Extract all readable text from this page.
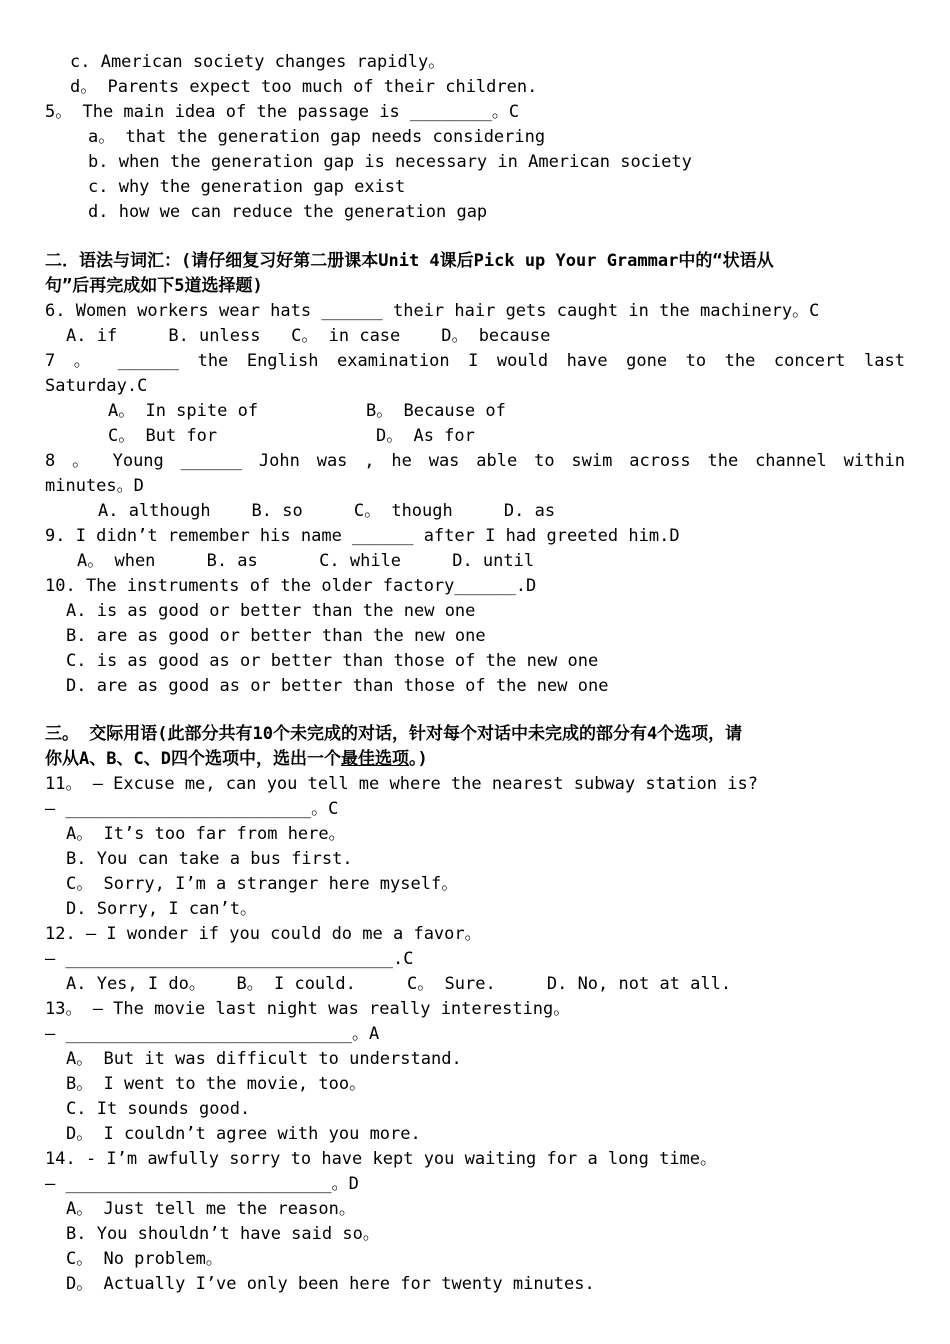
c. American society changes rapidly。
d。 Parents expect too much of their children.
5。 The main idea of the passage is ________。C
a。 that the generation gap needs considering
b. when the generation gap is necessary in American society
c. why the generation gap exist
d. how we can reduce the generation gap
二．语法与词汇：(请仔细复习好第二册课本Unit 4课后Pick up Your Grammar中的“状语从
句”后再完成如下5道选择题)
6. Women workers wear hats ______ their hair gets caught in the machinery。C
A. if     B. unless   C。 in case    D。 because
7 。 ______ the English examination I would have gone to the concert last
Saturday.C
A。 In spite of	B。 Because of
C。 But for	D。 As for
8 。 Young ______ John was , he was able to swim across the channel within
minutes。D
A. although    B. so     C。 though     D. as
9. I didn’t remember his name ______ after I had greeted him.D
A。 when     B. as      C. while     D. until
10. The instruments of the older factory______.D
A. is as good or better than the new one
B. are as good or better than the new one
C. is as good as or better than those of the new one
D. are as good as or better than those of the new one
三。 交际用语(此部分共有10个未完成的对话，针对每个对话中未完成的部分有4个选项，请
你从A、B、C、D四个选项中，选出一个最佳选项。)
11。 — Excuse me, can you tell me where the nearest subway station is?
— ________________________。C
A。 It’s too far from here。
B. You can take a bus first.
C。 Sorry, I’m a stranger here myself。
D. Sorry, I can’t。
12. — I wonder if you could do me a favor。
— ________________________________.C
A. Yes, I do。   B。 I could.     C。 Sure.     D. No, not at all.
13。 — The movie last night was really interesting。
— ____________________________。A
A。 But it was difficult to understand.
B。 I went to the movie, too。
C. It sounds good.
D。 I couldn’t agree with you more.
14. - I’m awfully sorry to have kept you waiting for a long time。
— __________________________。D
A。 Just tell me the reason。
B. You shouldn’t have said so。
C。 No problem。
D。 Actually I’ve only been here for twenty minutes.
